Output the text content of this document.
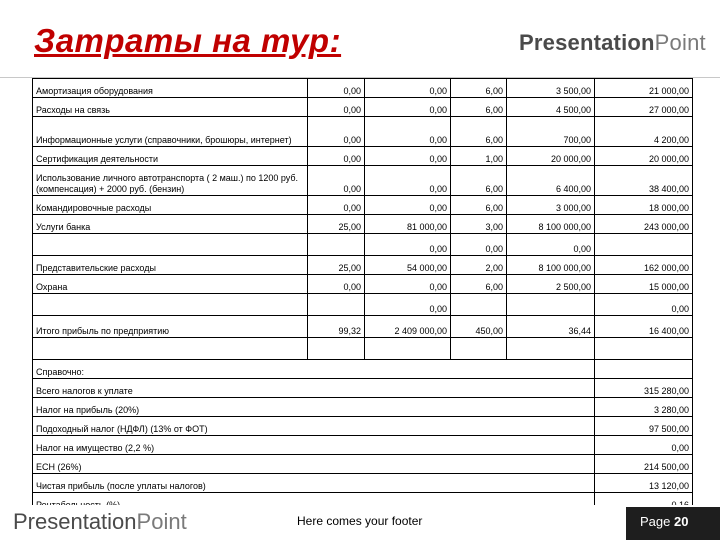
Затраты на тур:	PresentationPoint
	Амортизация оборудования	0,00	0,00	6,00	3 500,00	21 000,00
	Расходы на связь	0,00	0,00	6,00	4 500,00	27 000,00
	Информационные услуги (справочники, брошюры, интернет)	0,00	0,00	6,00	700,00	4 200,00
	Сертификация деятельности	0,00	0,00	1,00	20 000,00	20 000,00
	Использование личного автотранспорта ( 2 маш.) по 1200 руб. (компенсация) + 2000 руб. (бензин)	0,00	0,00	6,00	6 400,00	38 400,00
	Командировочные расходы	0,00	0,00	6,00	3 000,00	18 000,00
	Услуги банка	25,00	81 000,00	3,00	8 100 000,00	243 000,00
			0,00	0,00	0,00	
	Представительские расходы	25,00	54 000,00	2,00	8 100 000,00	162 000,00
	Охрана	0,00	0,00	6,00	2 500,00	15 000,00
			0,00			0,00
	Итого прибыль по предприятию	99,32	2 409 000,00	450,00	36,44	16 400,00

	Справочно:					
	Всего налогов к уплате					315 280,00
	Налог на прибыль (20%)					3 280,00
	Подоходный налог (НДФЛ) (13% от ФОТ)					97 500,00
	Налог на имущество (2,2 %)					0,00
	ЕСН (26%)					214 500,00
	Чистая прибыль (после уплаты налогов)					13 120,00

PresentationPoint	Here comes your footer	Page 20
